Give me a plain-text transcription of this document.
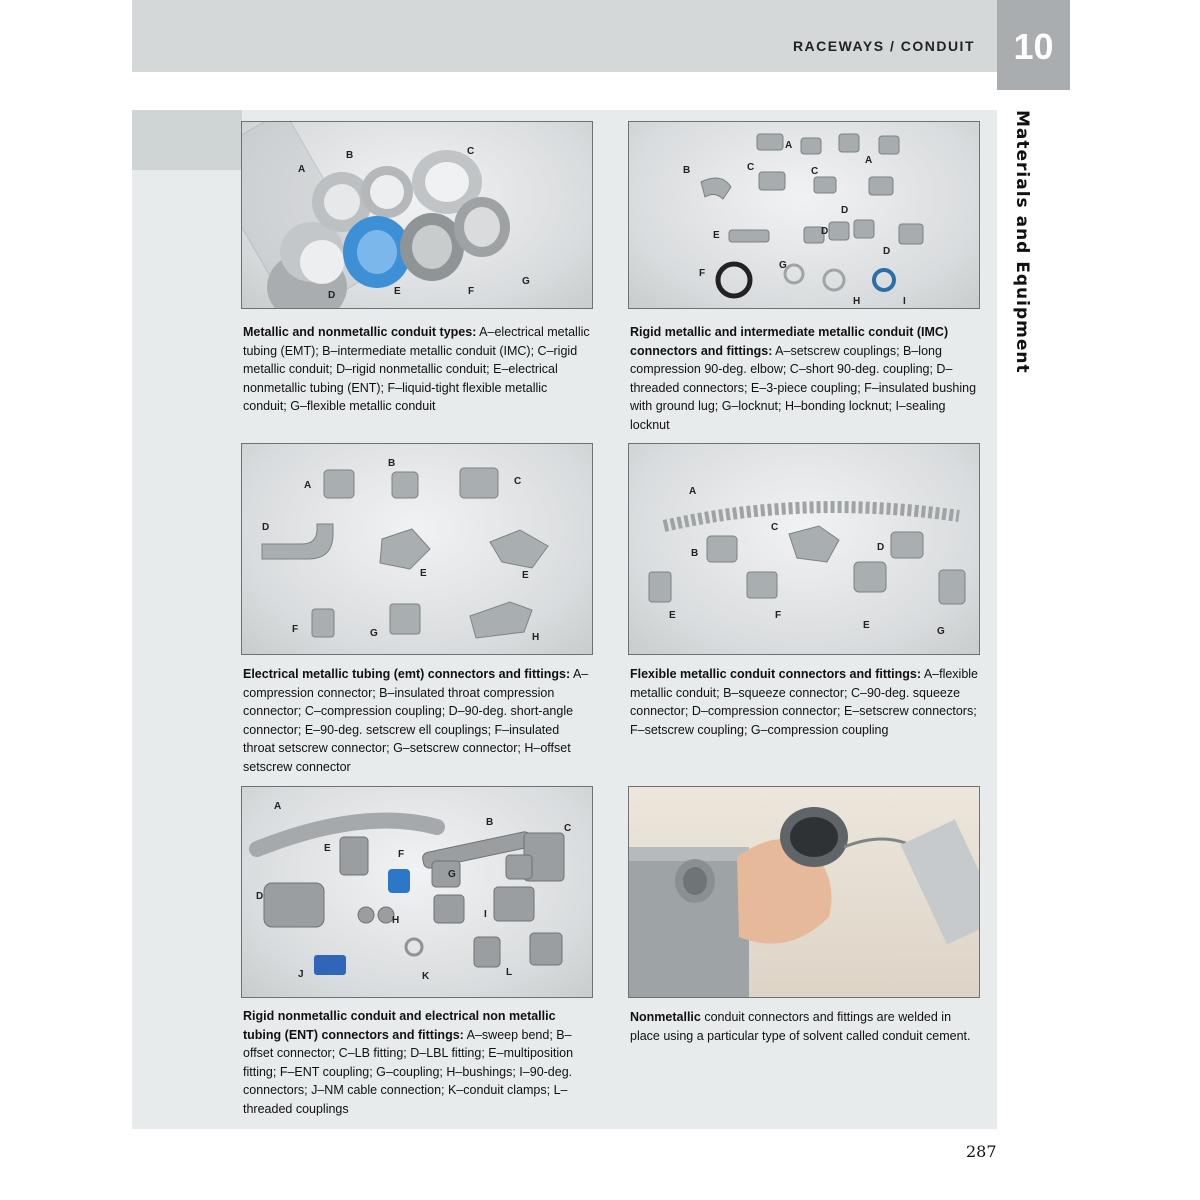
RACEWAYS / CONDUIT	10
Materials and Equipment
A
B	C
D	E	F
G
Metallic and nonmetallic conduit types: A–electrical metallic tubing (EMT); B–intermediate metallic conduit (IMC); C–rigid metallic conduit; D–rigid nonmetallic conduit; E–electrical nonmetallic tubing (ENT); F–liquid-tight flexible metallic conduit; G–flexible metallic conduit
A
A
B	C	C
D
D
D
E
F
G
H	I
Rigid metallic and intermediate metallic conduit (IMC) connectors and fittings: A–setscrew couplings; B–long compression 90-deg. elbow; C–short 90-deg. coupling; D–threaded connectors; E–3-piece coupling; F–insulated bushing with ground lug; G–locknut; H–bonding locknut; I–sealing locknut
A
B
C
D
E	E
F	G	H
Electrical metallic tubing (emt) connectors and fittings: A–compression connector; B–insulated throat compression connector; C–compression coupling; D–90-deg. short-angle connector; E–90-deg. setscrew ell couplings; F–insulated throat setscrew connector; G–setscrew connector; H–offset setscrew connector
A
B
C
D
E	F
E
G
Flexible metallic conduit connectors and fittings: A–flexible metallic conduit; B–squeeze connector; C–90-deg. squeeze connector; D–compression connector; E–setscrew connectors; F–setscrew coupling; G–compression coupling
A
B
C
D
E
F
G
H
I
J	K	L
Rigid nonmetallic conduit and electrical non metallic tubing (ENT) connectors and fittings: A–sweep bend; B–offset connector; C–LB fitting; D–LBL fitting; E–multiposition fitting; F–ENT coupling; G–coupling; H–bushings; I–90-deg. connectors; J–NM cable connection; K–conduit clamps; L–threaded couplings
Nonmetallic conduit connectors and fittings are welded in place using a particular type of solvent called conduit cement.
287
